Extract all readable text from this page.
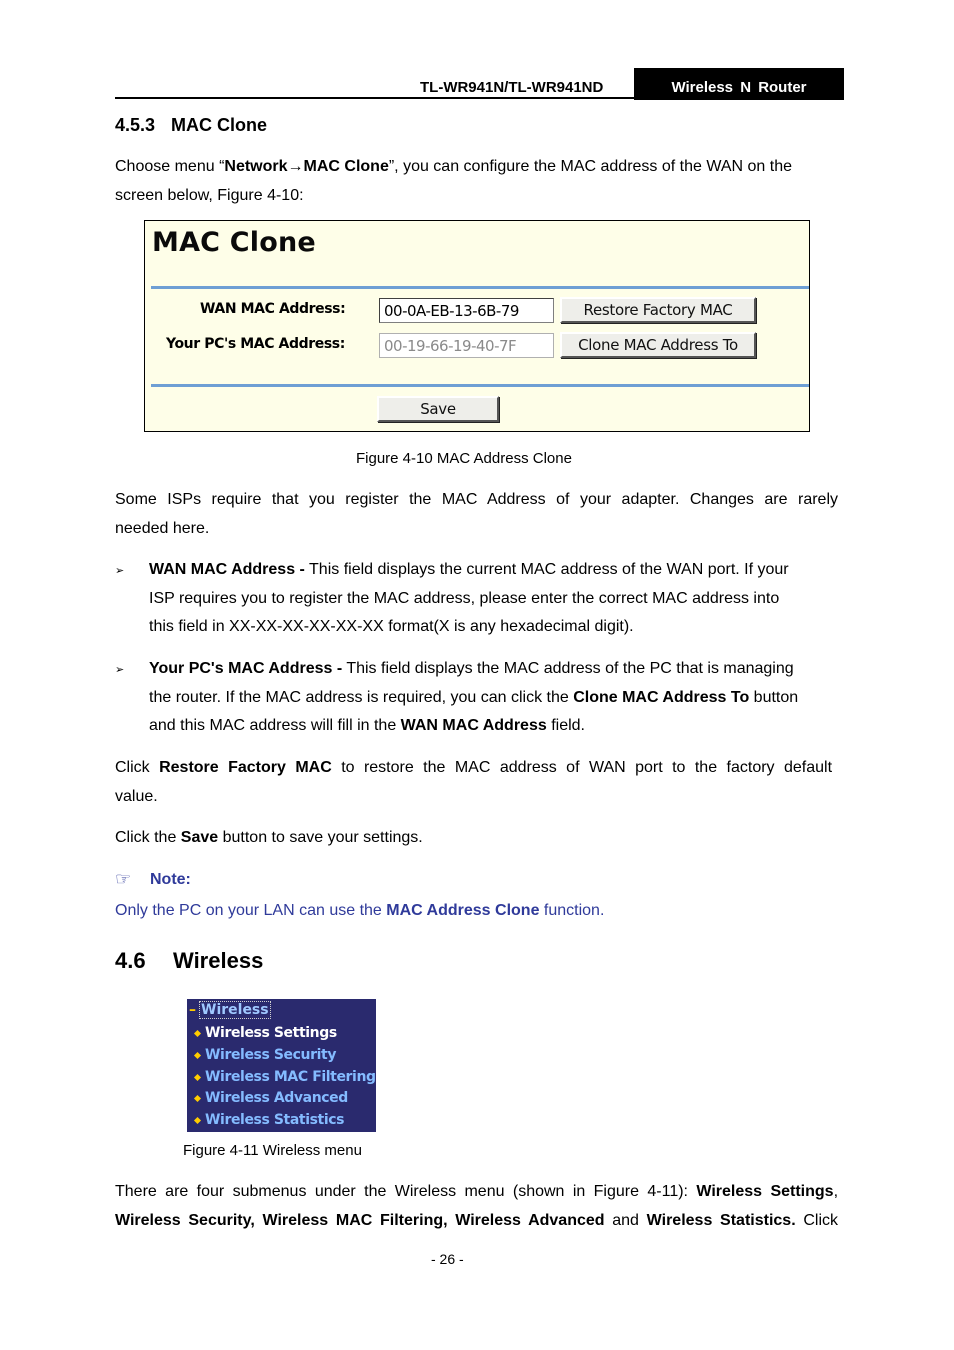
TL-WR941N/TL-WR941ND	Wireless N Router
4.5.3 MAC Clone

Choose menu “Network→MAC Clone”, you can configure the MAC address of the WAN on the

screen below, Figure 4-10:

MAC Clone
WAN MAC Address:	00-0A-EB-13-6B-79	Restore Factory MAC
Your PC's MAC Address:	00-19-66-19-40-7F	Clone MAC Address To
Save
Figure 4-10 MAC Address Clone

Some ISPs require that you register the MAC Address of your adapter. Changes are rarely

needed here.

➢ WAN MAC Address - This field displays the current MAC address of the WAN port. If your

ISP requires you to register the MAC address, please enter the correct MAC address into

this field in XX-XX-XX-XX-XX-XX format(X is any hexadecimal digit).

➢ Your PC's MAC Address - This field displays the MAC address of the PC that is managing

the router. If the MAC address is required, you can click the Clone MAC Address To button

and this MAC address will fill in the WAN MAC Address field.

Click Restore Factory MAC to restore the MAC address of WAN port to the factory default

value.

Click the Save button to save your settings.

☞ Note:
Only the PC on your LAN can use the MAC Address Clone function.
4.6 Wireless
– Wireless
Wireless Settings
Wireless Security
Wireless MAC Filtering
Wireless Advanced
Wireless Statistics
Figure 4-11 Wireless menu

There are four submenus under the Wireless menu (shown in Figure 4-11): Wireless Settings,

Wireless Security, Wireless MAC Filtering, Wireless Advanced and Wireless Statistics. Click

- 26 -
